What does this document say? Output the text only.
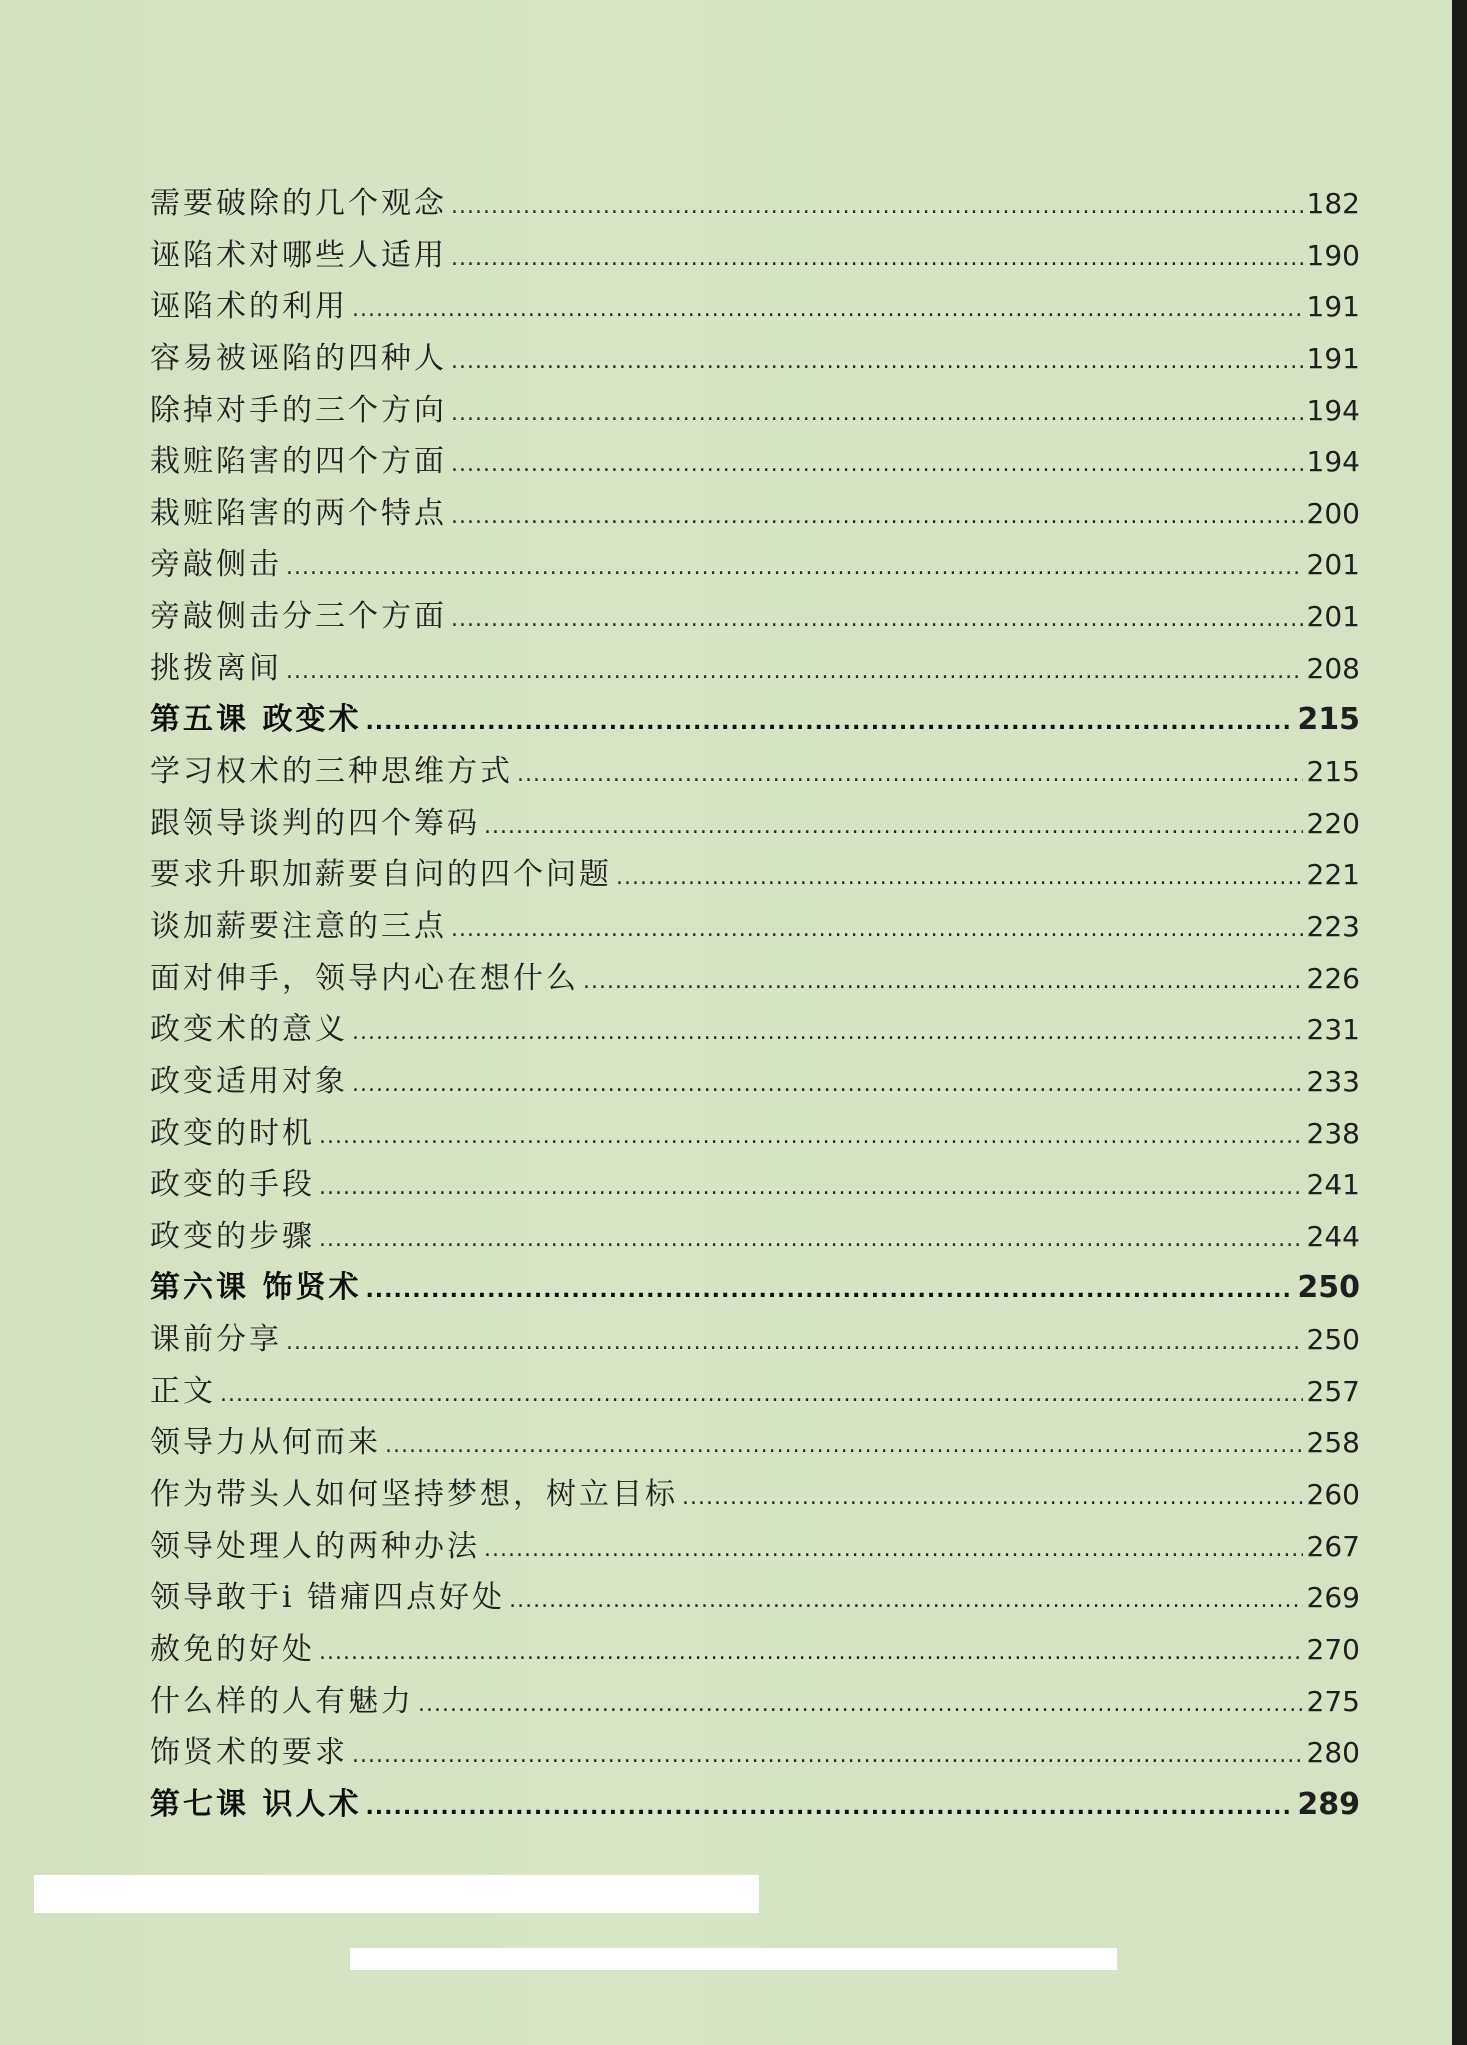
需要破除的几个观念 .....	182
诬陷术对哪些人适用 .....	190
诬陷术的利用 .....	191
容易被诬陷的四种人 .....	191
除掉对手的三个方向 .....	194
栽赃陷害的四个方面 .....	194
栽赃陷害的两个特点 .....	200
旁敲侧击 .....	201
旁敲侧击分三个方面 .....	201
挑拨离间 .....	208
第五课 政变术 .....	215
学习权术的三种思维方式 .....	215
跟领导谈判的四个筹码 .....	220
要求升职加薪要自问的四个问题 .....	221
谈加薪要注意的三点 .....	223
面对伸手，领导内心在想什么 .....	226
政变术的意义 .....	231
政变适用对象 .....	233
政变的时机 .....	238
政变的手段 .....	241
政变的步骤 .....	244
第六课 饰贤术 .....	250
课前分享 .....	250
正文 .....	257
领导力从何而来 .....	258
作为带头人如何坚持梦想，树立目标 .....	260
领导处理人的两种办法 .....	267
领导敢于i 错痡四点好处 .....	269
赦免的好处 .....	270
什么样的人有魅力 .....	275
饰贤术的要求 .....	280
第七课 识人术 .....	289
